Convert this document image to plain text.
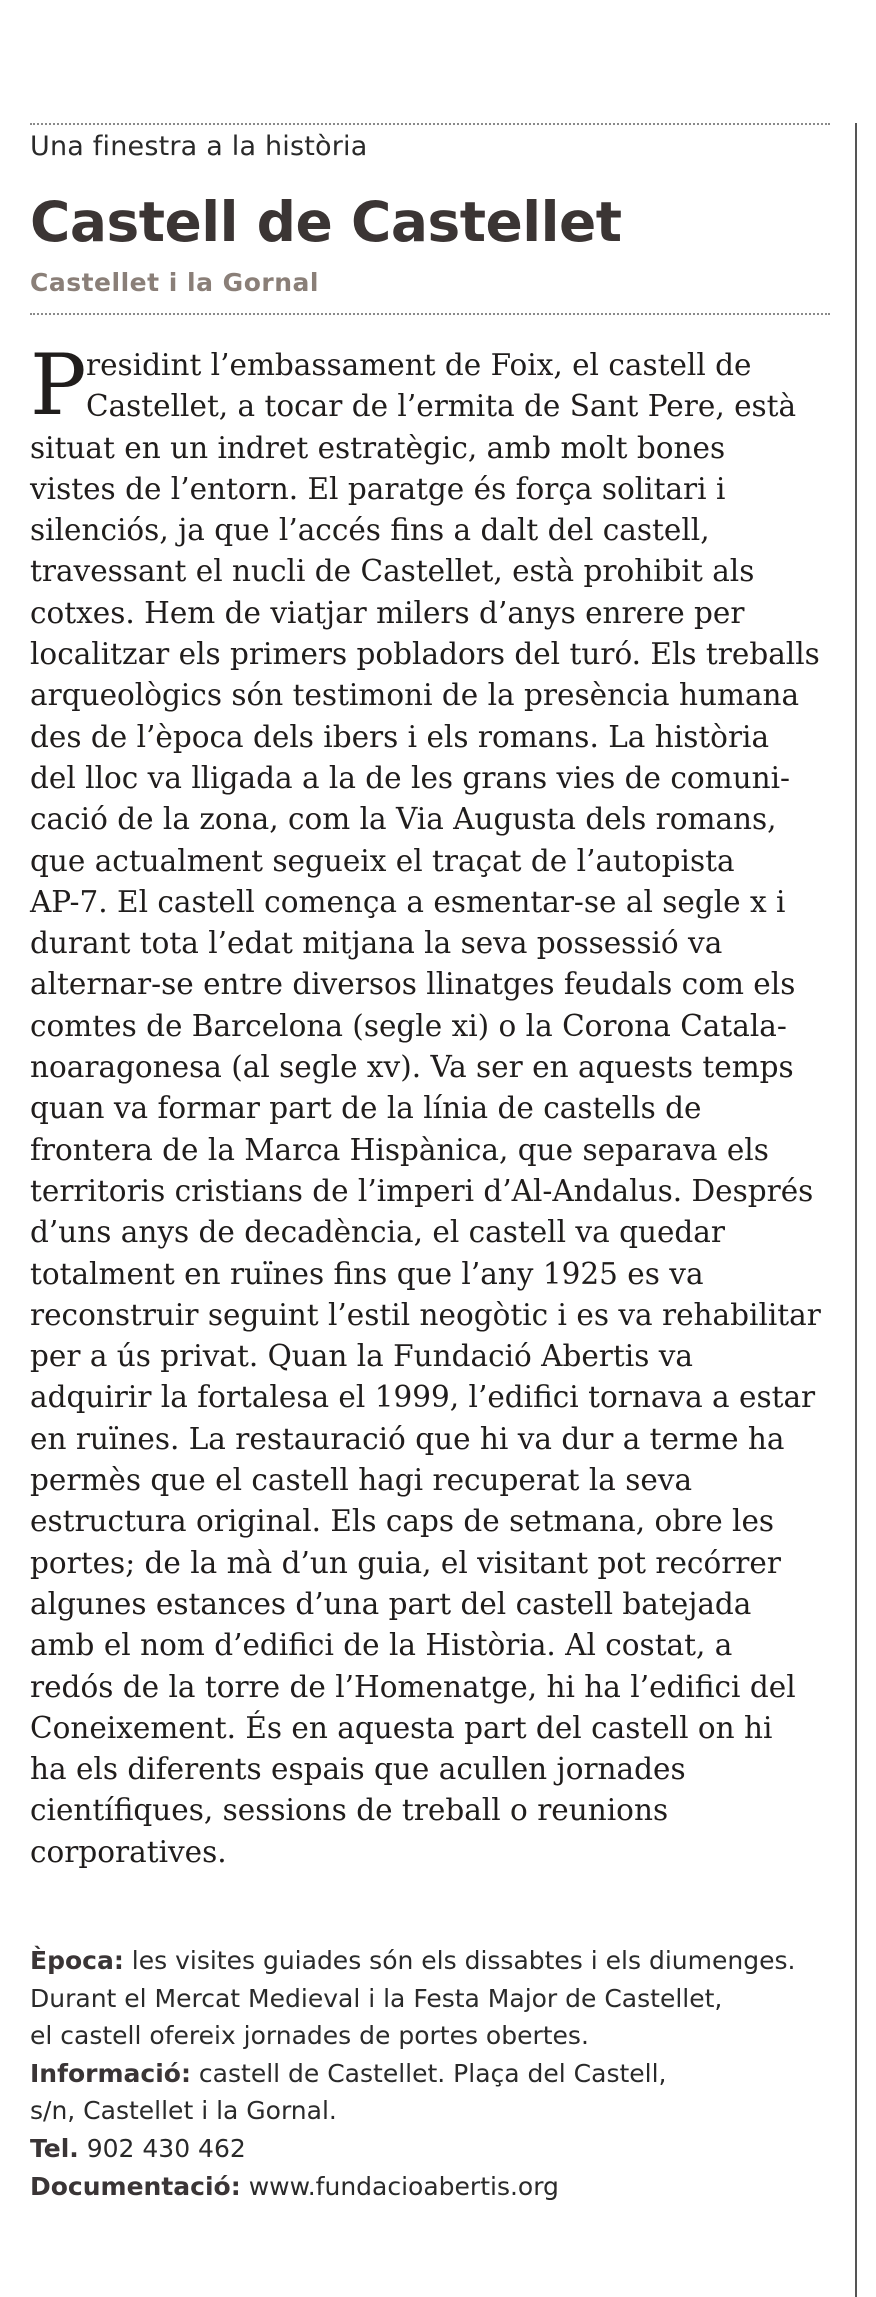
Una finestra a la història
Castell de Castellet
Castellet i la Gornal
P residint l’embassament de Foix, el castell de
Castellet, a tocar de l’ermita de Sant Pere, està
situat en un indret estratègic, amb molt bones
vistes de l’entorn. El paratge és força solitari i
silenciós, ja que l’accés fins a dalt del castell,
travessant el nucli de Castellet, està prohibit als
cotxes. Hem de viatjar milers d’anys enrere per
localitzar els primers pobladors del turó. Els treballs
arqueològics són testimoni de la presència humana
des de l’època dels ibers i els romans. La història
del lloc va lligada a la de les grans vies de comuni-
cació de la zona, com la Via Augusta dels romans,
que actualment segueix el traçat de l’autopista
AP-7. El castell comença a esmentar-se al segle x i
durant tota l’edat mitjana la seva possessió va
alternar-se entre diversos llinatges feudals com els
comtes de Barcelona (segle xi) o la Corona Catala-
noaragonesa (al segle xv). Va ser en aquests temps
quan va formar part de la línia de castells de
frontera de la Marca Hispànica, que separava els
territoris cristians de l’imperi d’Al-Andalus. Després
d’uns anys de decadència, el castell va quedar
totalment en ruïnes fins que l’any 1925 es va
reconstruir seguint l’estil neogòtic i es va rehabilitar
per a ús privat. Quan la Fundació Abertis va
adquirir la fortalesa el 1999, l’edifici tornava a estar
en ruïnes. La restauració que hi va dur a terme ha
permès que el castell hagi recuperat la seva
estructura original. Els caps de setmana, obre les
portes; de la mà d’un guia, el visitant pot recórrer
algunes estances d’una part del castell batejada
amb el nom d’edifici de la Història. Al costat, a
redós de la torre de l’Homenatge, hi ha l’edifici del
Coneixement. És en aquesta part del castell on hi
ha els diferents espais que acullen jornades
científiques, sessions de treball o reunions
corporatives.
Època: les visites guiades són els dissabtes i els diumenges.
Durant el Mercat Medieval i la Festa Major de Castellet,
el castell ofereix jornades de portes obertes.
Informació: castell de Castellet. Plaça del Castell,
s/n, Castellet i la Gornal.
Tel. 902 430 462
Documentació: www.fundacioabertis.org
